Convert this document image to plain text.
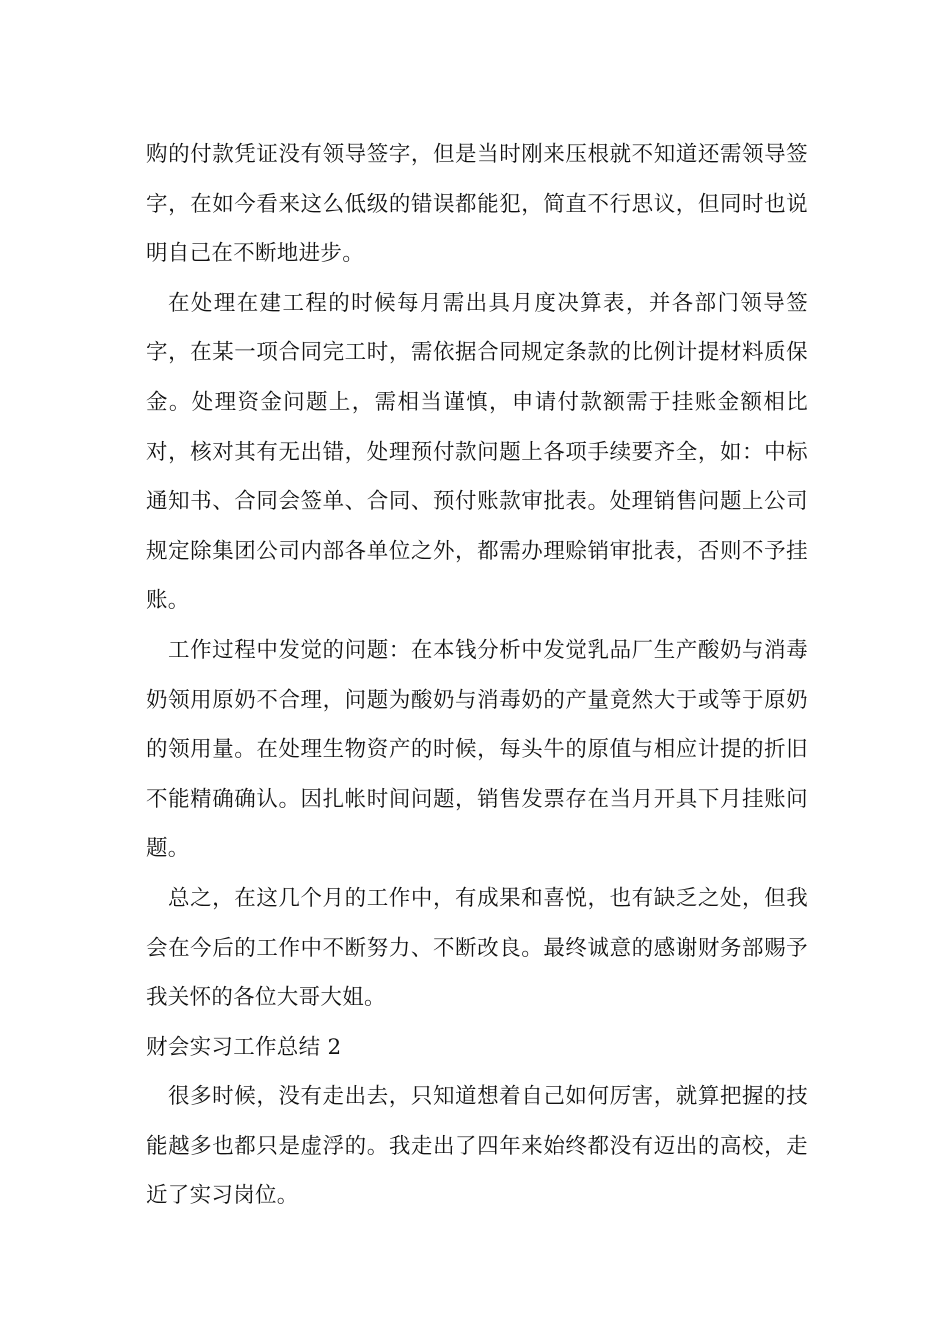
购的付款凭证没有领导签字，但是当时刚来压根就不知道还需领导签字，在如今看来这么低级的错误都能犯，简直不行思议，但同时也说明自己在不断地进步。

在处理在建工程的时候每月需出具月度决算表，并各部门领导签字，在某一项合同完工时，需依据合同规定条款的比例计提材料质保金。处理资金问题上，需相当谨慎，申请付款额需于挂账金额相比对，核对其有无出错，处理预付款问题上各项手续要齐全，如：中标通知书、合同会签单、合同、预付账款审批表。处理销售问题上公司规定除集团公司内部各单位之外，都需办理赊销审批表，否则不予挂账。

工作过程中发觉的问题：在本钱分析中发觉乳品厂生产酸奶与消毒奶领用原奶不合理，问题为酸奶与消毒奶的产量竟然大于或等于原奶的领用量。在处理生物资产的时候，每头牛的原值与相应计提的折旧不能精确确认。因扎帐时间问题，销售发票存在当月开具下月挂账问题。

总之，在这几个月的工作中，有成果和喜悦，也有缺乏之处，但我会在今后的工作中不断努力、不断改良。最终诚意的感谢财务部赐予我关怀的各位大哥大姐。

财会实习工作总结 2

很多时候，没有走出去，只知道想着自己如何厉害，就算把握的技能越多也都只是虚浮的。我走出了四年来始终都没有迈出的高校，走近了实习岗位。
